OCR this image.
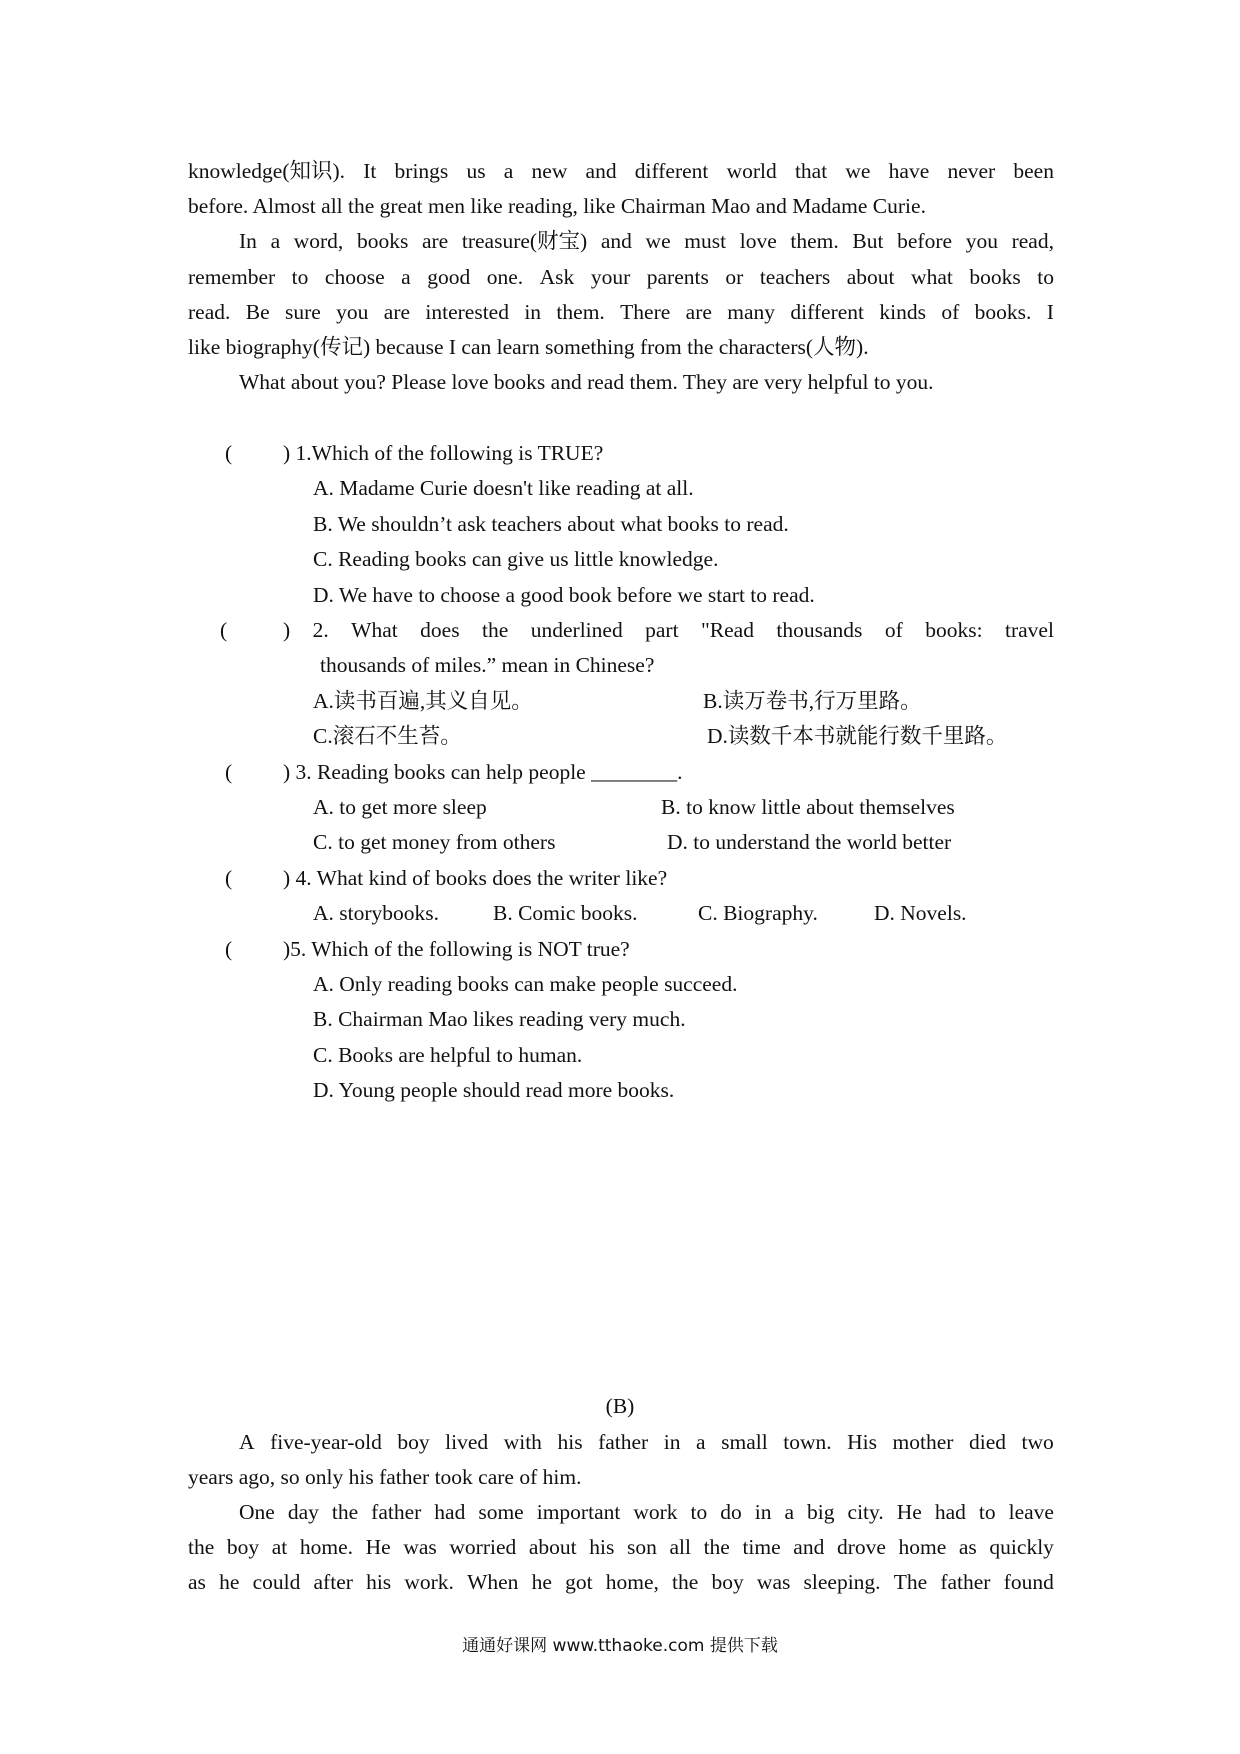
knowledge(知识). It brings us a new and different world that we have never been
before. Almost all the great men like reading, like Chairman Mao and Madame Curie.
In a word, books are treasure(财宝) and we must love them. But before you read,
remember to choose a good one. Ask your parents or teachers about what books to
read. Be sure you are interested in them. There are many different kinds of books. I
like biography(传记) because I can learn something from the characters(人物).
What about you? Please love books and read them. They are very helpful to you.
( ) 1.Which of the following is TRUE?
A. Madame Curie doesn't like reading at all.
B. We shouldn’t ask teachers about what books to read.
C. Reading books can give us little knowledge.
D. We have to choose a good book before we start to read.
(	) 2. What does the underlined part "Read thousands of books: travel
thousands of miles.” mean in Chinese?
A.读书百遍,其义自见。	B.读万卷书,行万里路。
C.滚石不生苔。	D.读数千本书就能行数千里路。
( ) 3. Reading books can help people ________.
A. to get more sleep	B. to know little about themselves
C. to get money from others	D. to understand the world better
( ) 4. What kind of books does the writer like?
A. storybooks.	B. Comic books.	C. Biography.	D. Novels.
( )5. Which of the following is NOT true?
A. Only reading books can make people succeed.
B. Chairman Mao likes reading very much.
C. Books are helpful to human.
D. Young people should read more books.
(B)
A five-year-old boy lived with his father in a small town. His mother died two
years ago, so only his father took care of him.
One day the father had some important work to do in a big city. He had to leave
the boy at home. He was worried about his son all the time and drove home as quickly
as he could after his work. When he got home, the boy was sleeping. The father found
通通好课网 www.tthaoke.com 提供下载
